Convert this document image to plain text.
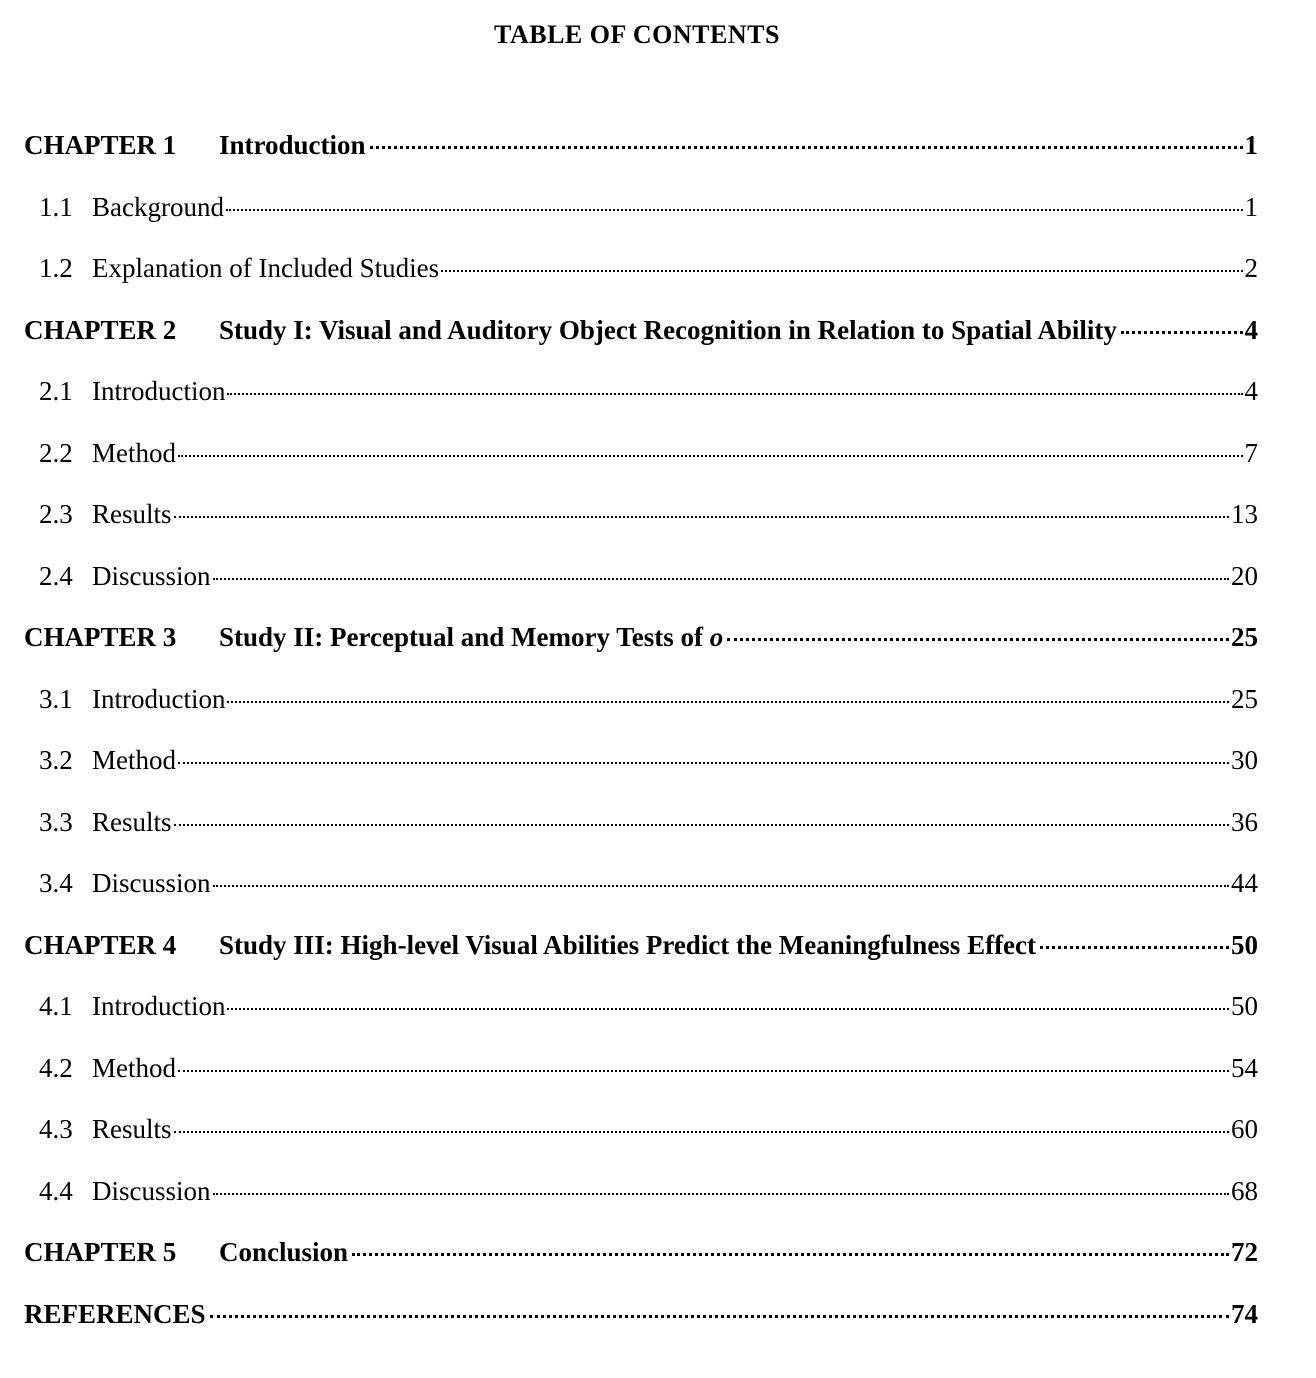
TABLE OF CONTENTS
CHAPTER 1	Introduction	1
1.1 Background	1
1.2 Explanation of Included Studies	2
CHAPTER 2	Study I: Visual and Auditory Object Recognition in Relation to Spatial Ability	4
2.1 Introduction	4
2.2 Method	7
2.3 Results	13
2.4 Discussion	20
CHAPTER 3	Study II: Perceptual and Memory Tests of o	25
3.1 Introduction	25
3.2 Method	30
3.3 Results	36
3.4 Discussion	44
CHAPTER 4	Study III: High-level Visual Abilities Predict the Meaningfulness Effect	50
4.1 Introduction	50
4.2 Method	54
4.3 Results	60
4.4 Discussion	68
CHAPTER 5	Conclusion	72
REFERENCES	74
